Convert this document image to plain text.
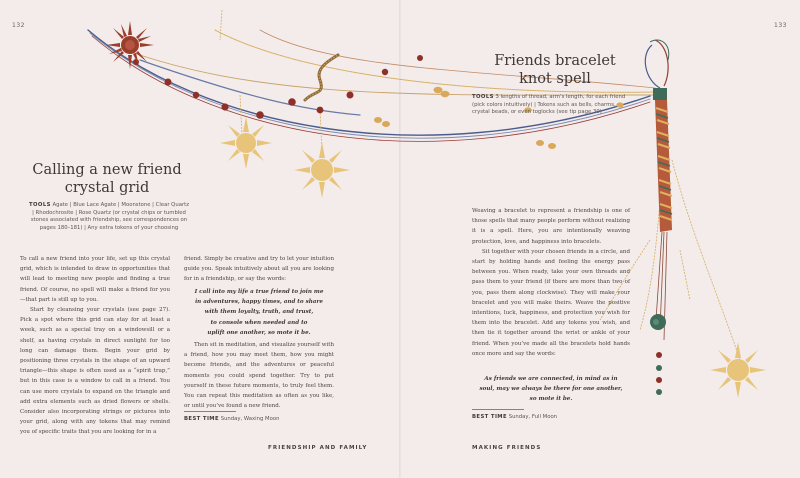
132
Calling a new friend
crystal grid
TOOLS Agate | Blue Lace Agate | Moonstone | Clear Quartz
| Rhodochrosite | Rose Quartz (or crystal chips or tumbled
stones associated with friendship, see correspondences on
pages 180–181) | Any extra tokens of your choosing

To call a new friend into your life, set up this crystal grid, which is intended to draw in opportunities that will lead to meeting new people and finding a true friend. Of course, no spell will make a friend for you—that part is still up to you.

Start by cleansing your crystals (see page 27). Pick a spot where this grid can stay for at least a week, such as a special tray on a windowsill or a shelf, as having crystals in direct sunlight for too long can damage them. Begin your grid by positioning three crystals in the shape of an upward triangle—this shape is often used as a “spirit trap,” but in this case is a window to call in a friend. You can use more crystals to expand on the triangle and add extra elements such as dried flowers or shells. Consider also incorporating strings or pictures into your grid, along with any tokens that may remind you of specific traits that you are looking for in a

friend. Simply be creative and try to let your intuition guide you. Speak intuitively about all you are looking for in a friendship, or say the words:

I call into my life a true friend to join me
in adventures, happy times, and to share
with them loyalty, truth, and trust,
to console when needed and to
uplift one another, so mote it be.

Then sit in meditation, and visualize yourself with a friend, how you may meet them, how you might become friends, and the adventures or peaceful moments you could spend together. Try to put yourself in these future moments, to truly feel them. You can repeat this meditation as often as you like, or until you’ve found a new friend.

BEST TIME Sunday, Waxing Moon
FRIENDSHIP AND FAMILY
133
Friends bracelet
knot spell
TOOLS 3 lengths of thread, arm’s length, for each friend
(pick colors intuitively) | Tokens such as bells, charms,
crystal beads, or even toglocks (see tip page 30)

Weaving a bracelet to represent a friendship is one of those spells that many people perform without realizing it is a spell. Here, you are intentionally weaving protection, love, and happiness into bracelets.

Sit together with your chosen friends in a circle, and start by holding hands and feeling the energy pass between you. When ready, take your own threads and pass them to your friend (if there are more than two of you, pass them along clockwise). They will make your bracelet and you will make theirs. Weave the positive intentions, luck, happiness, and protection you wish for them into the bracelet. Add any tokens you wish, and then tie it together around the wrist or ankle of your friend. When you’ve made all the bracelets hold hands once more and say the words:

As friends we are connected, in mind as in
soul, may we always be there for one another,
so mote it be.
BEST TIME Sunday, Full Moon
MAKING FRIENDS
